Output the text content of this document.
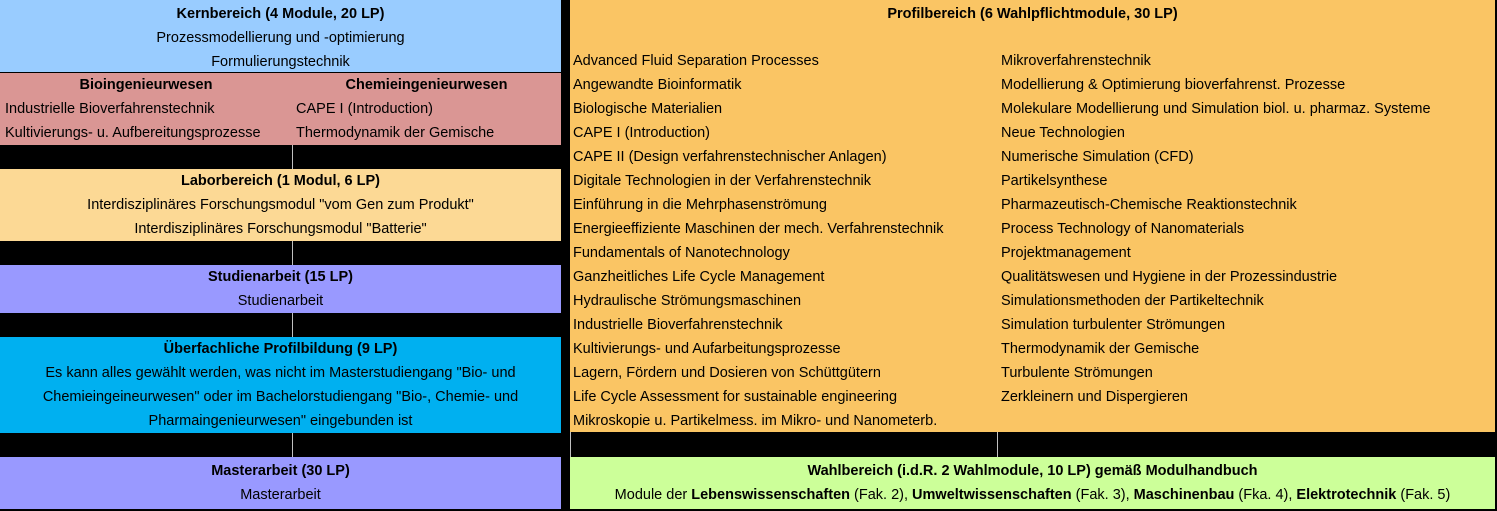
Kernbereich (4 Module, 20 LP)
Prozessmodellierung und -optimierung
Formulierungstechnik
Bioingenieurwesen	Chemieingenieurwesen
Industrielle Bioverfahrenstechnik
Kultivierungs- u. Aufbereitungsprozesse
CAPE I (Introduction)
Thermodynamik der Gemische
Laborbereich (1 Modul, 6 LP)
Interdisziplinäres Forschungsmodul "vom Gen zum Produkt"
Interdisziplinäres Forschungsmodul "Batterie"
Studienarbeit (15 LP)
Studienarbeit
Überfachliche Profilbildung (9 LP)
Es kann alles gewählt werden, was nicht im Masterstudiengang "Bio- und
Chemieingeineurwesen" oder im Bachelorstudiengang "Bio-, Chemie- und
Pharmaingenieurwesen" eingebunden ist
Masterarbeit (30 LP)
Masterarbeit
Profilbereich (6 Wahlpflichtmodule, 30 LP)
Advanced Fluid Separation Processes
Angewandte Bioinformatik
Biologische Materialien
CAPE I (Introduction)
CAPE II (Design verfahrenstechnischer Anlagen)
Digitale Technologien in der Verfahrenstechnik
Einführung in die Mehrphasenströmung
Energieeffiziente Maschinen der mech. Verfahrenstechnik
Fundamentals of Nanotechnology
Ganzheitliches Life Cycle Management
Hydraulische Strömungsmaschinen
Industrielle Bioverfahrenstechnik
Kultivierungs- und Aufarbeitungsprozesse
Lagern, Fördern und Dosieren von Schüttgütern
Life Cycle Assessment for sustainable engineering
Mikroskopie u. Partikelmess. im Mikro- und Nanometerb.
Mikroverfahrenstechnik
Modellierung & Optimierung bioverfahrenst. Prozesse
Molekulare Modellierung und Simulation biol. u. pharmaz. Systeme
Neue Technologien
Numerische Simulation (CFD)
Partikelsynthese
Pharmazeutisch-Chemische Reaktionstechnik
Process Technology of Nanomaterials
Projektmanagement
Qualitätswesen und Hygiene in der Prozessindustrie
Simulationsmethoden der Partikeltechnik
Simulation turbulenter Strömungen
Thermodynamik der Gemische
Turbulente Strömungen
Zerkleinern und Dispergieren
Wahlbereich (i.d.R. 2 Wahlmodule, 10 LP) gemäß Modulhandbuch
Module der Lebenswissenschaften (Fak. 2), Umweltwissenschaften (Fak. 3), Maschinenbau (Fka. 4), Elektrotechnik (Fak. 5)
